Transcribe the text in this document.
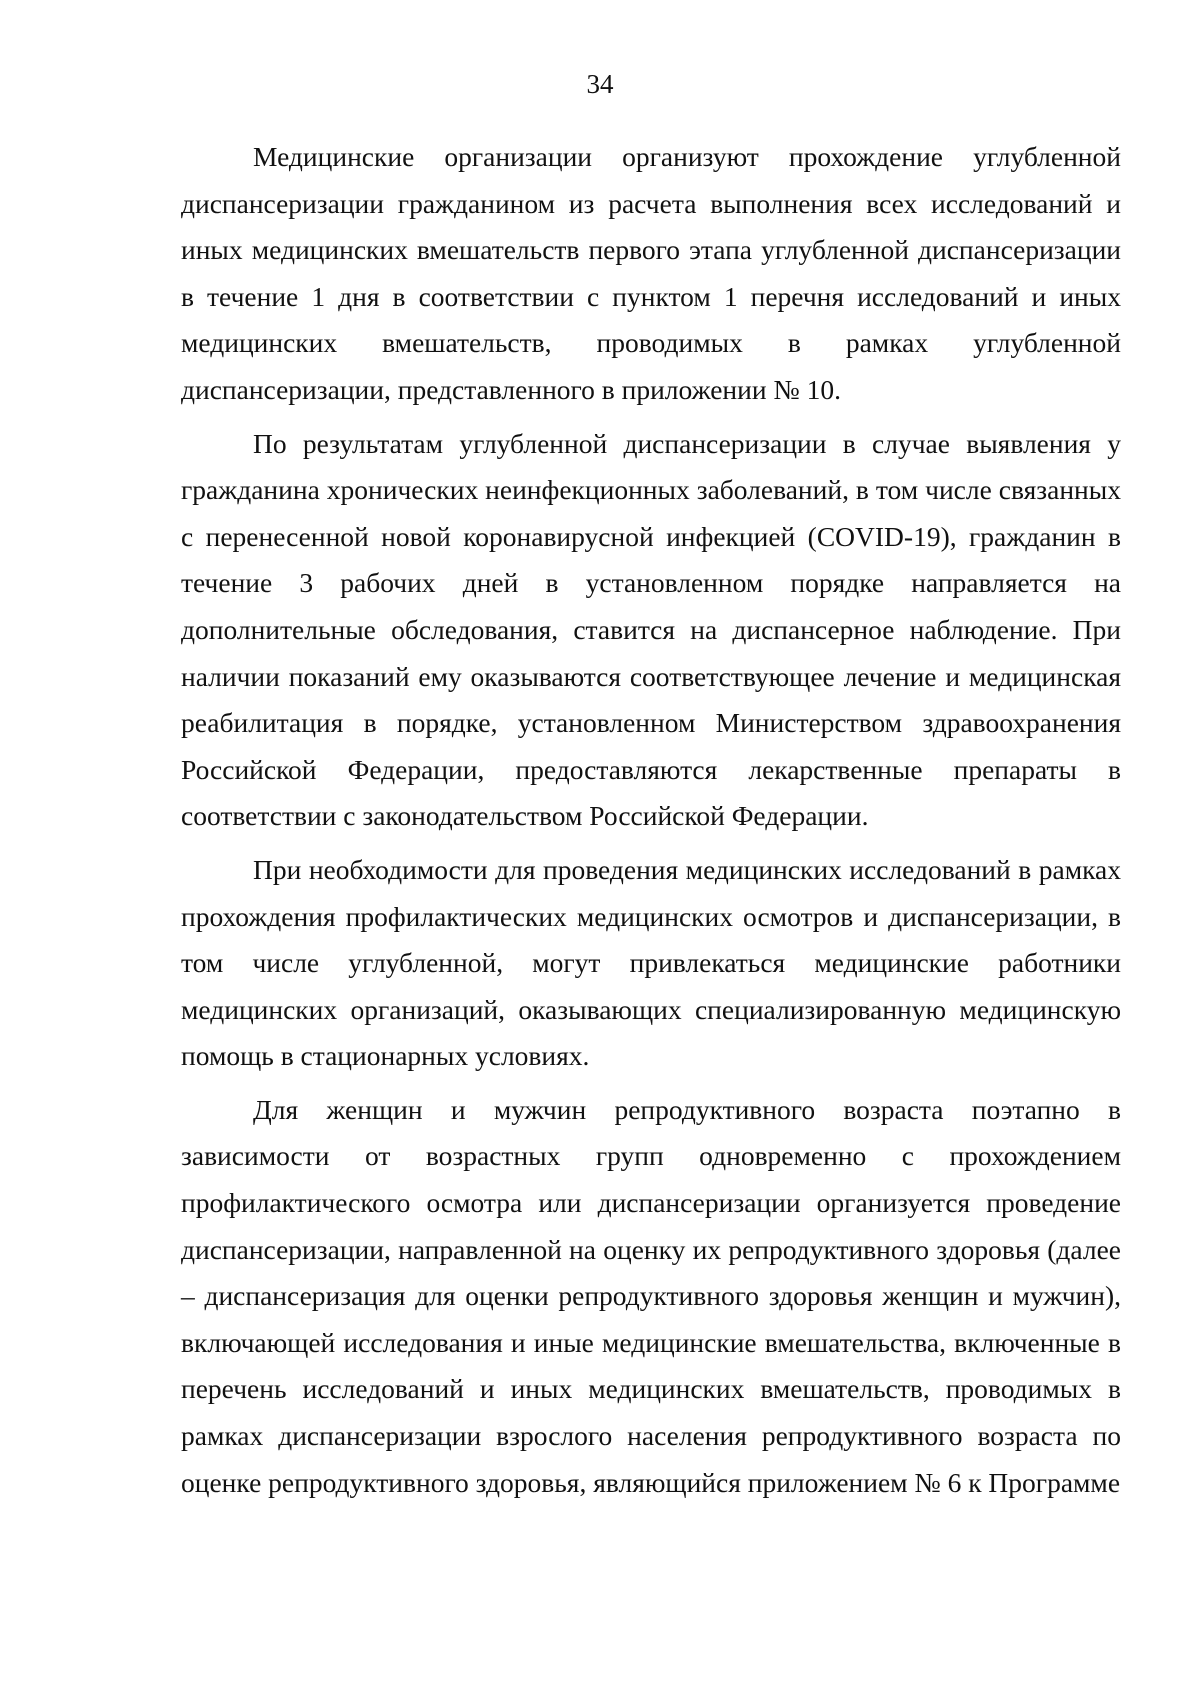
34

Медицинские организации организуют прохождение углубленной диспансеризации гражданином из расчета выполнения всех исследований и иных медицинских вмешательств первого этапа углубленной диспансеризации в течение 1 дня в соответствии с пунктом 1 перечня исследований и иных медицинских вмешательств, проводимых в рамках углубленной диспансеризации, представленного в приложении № 10.

По результатам углубленной диспансеризации в случае выявления у гражданина хронических неинфекционных заболеваний, в том числе связанных с перенесенной новой коронавирусной инфекцией (COVID-19), гражданин в течение 3 рабочих дней в установленном порядке направляется на дополнительные обследования, ставится на диспансерное наблюдение. При наличии показаний ему оказываются соответствующее лечение и медицинская реабилитация в порядке, установленном Министерством здравоохранения Российской Федерации, предоставляются лекарственные препараты в соответствии с законодательством Российской Федерации.

При необходимости для проведения медицинских исследований в рамках прохождения профилактических медицинских осмотров и диспансеризации, в том числе углубленной, могут привлекаться медицинские работники медицинских организаций, оказывающих специализированную медицинскую помощь в стационарных условиях.

Для женщин и мужчин репродуктивного возраста поэтапно в зависимости от возрастных групп одновременно с прохождением профилактического осмотра или диспансеризации организуется проведение диспансеризации, направленной на оценку их репродуктивного здоровья (далее – диспансеризация для оценки репродуктивного здоровья женщин и мужчин), включающей исследования и иные медицинские вмешательства, включенные в перечень исследований и иных медицинских вмешательств, проводимых в рамках диспансеризации взрослого населения репродуктивного возраста по оценке репродуктивного здоровья, являющийся приложением № 6 к Программе
